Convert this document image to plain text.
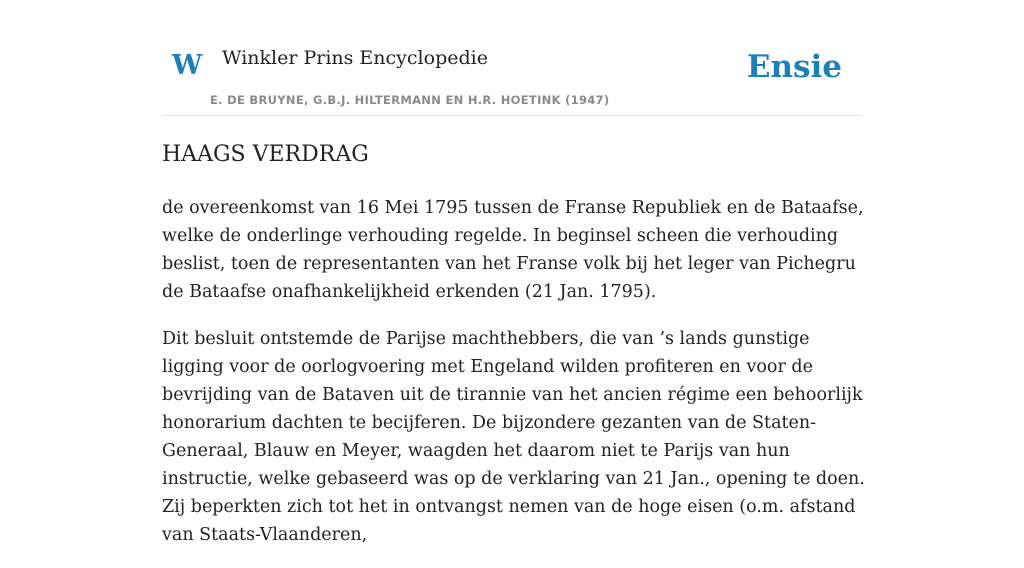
W Winkler Prins Encyclopedie
E. DE BRUYNE, G.B.J. HILTERMANN EN H.R. HOETINK (1947)
Ensie
HAAGS VERDRAG

de overeenkomst van 16 Mei 1795 tussen de Franse Republiek en de Bataafse, welke de onderlinge verhouding regelde. In beginsel scheen die verhouding beslist, toen de representanten van het Franse volk bij het leger van Pichegru de Bataafse onafhankelijkheid erkenden (21 Jan. 1795).

Dit besluit ontstemde de Parijse machthebbers, die van ’s lands gunstige ligging voor de oorlogvoering met Engeland wilden profiteren en voor de bevrijding van de Bataven uit de tirannie van het ancien régime een behoorlijk honorarium dachten te becijferen. De bijzondere gezanten van de Staten-Generaal, Blauw en Meyer, waagden het daarom niet te Parijs van hun instructie, welke gebaseerd was op de verklaring van 21 Jan., opening te doen. Zij beperkten zich tot het in ontvangst nemen van de hoge eisen (o.m. afstand van Staats-Vlaanderen,
